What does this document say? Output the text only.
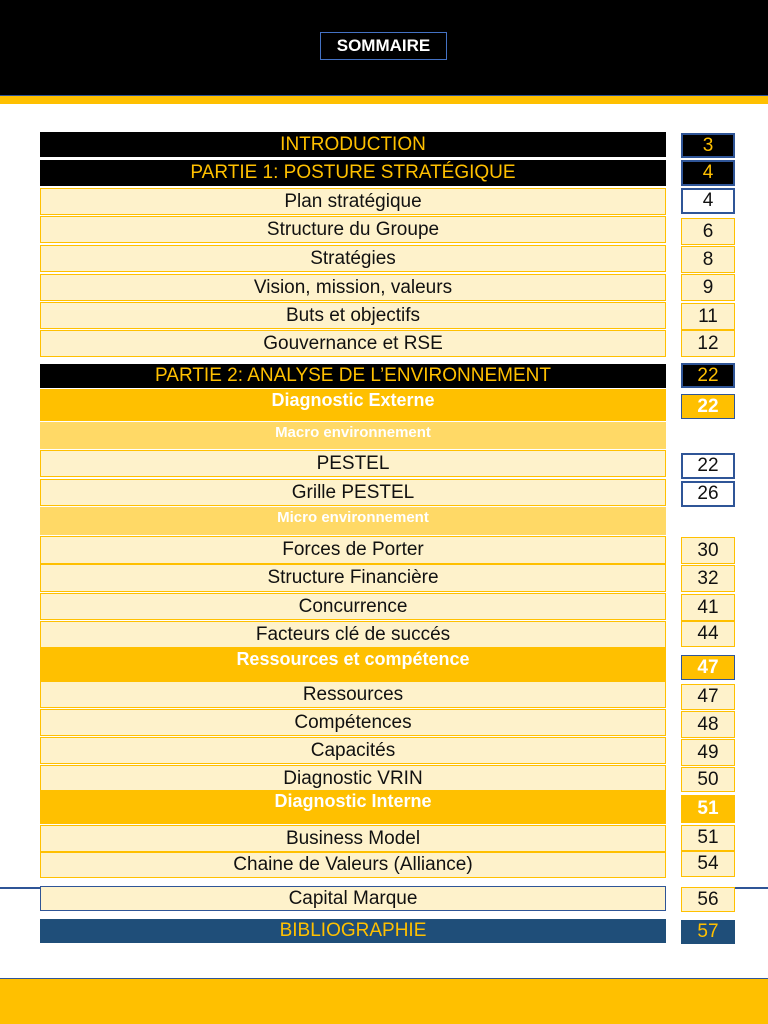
SOMMAIRE
INTRODUCTION	3
PARTIE 1: POSTURE STRATÉGIQUE	4
Plan stratégique	4
Structure du Groupe	6
Stratégies	8
Vision, mission, valeurs	9
Buts et objectifs	11
Gouvernance et RSE	12
PARTIE 2: ANALYSE DE L’ENVIRONNEMENT	22
Diagnostic Externe	22
Macro environnement
PESTEL	22
Grille PESTEL	26
Micro environnement
Forces de Porter	30
Structure Financière	32
Concurrence	41
Facteurs clé de succés	44
Ressources et compétence	47
Ressources	47
Compétences	48
Capacités	49
Diagnostic VRIN	50
Diagnostic Interne	51
Business Model	51
Chaine de Valeurs (Alliance)	54
Capital Marque	56
BIBLIOGRAPHIE	57
